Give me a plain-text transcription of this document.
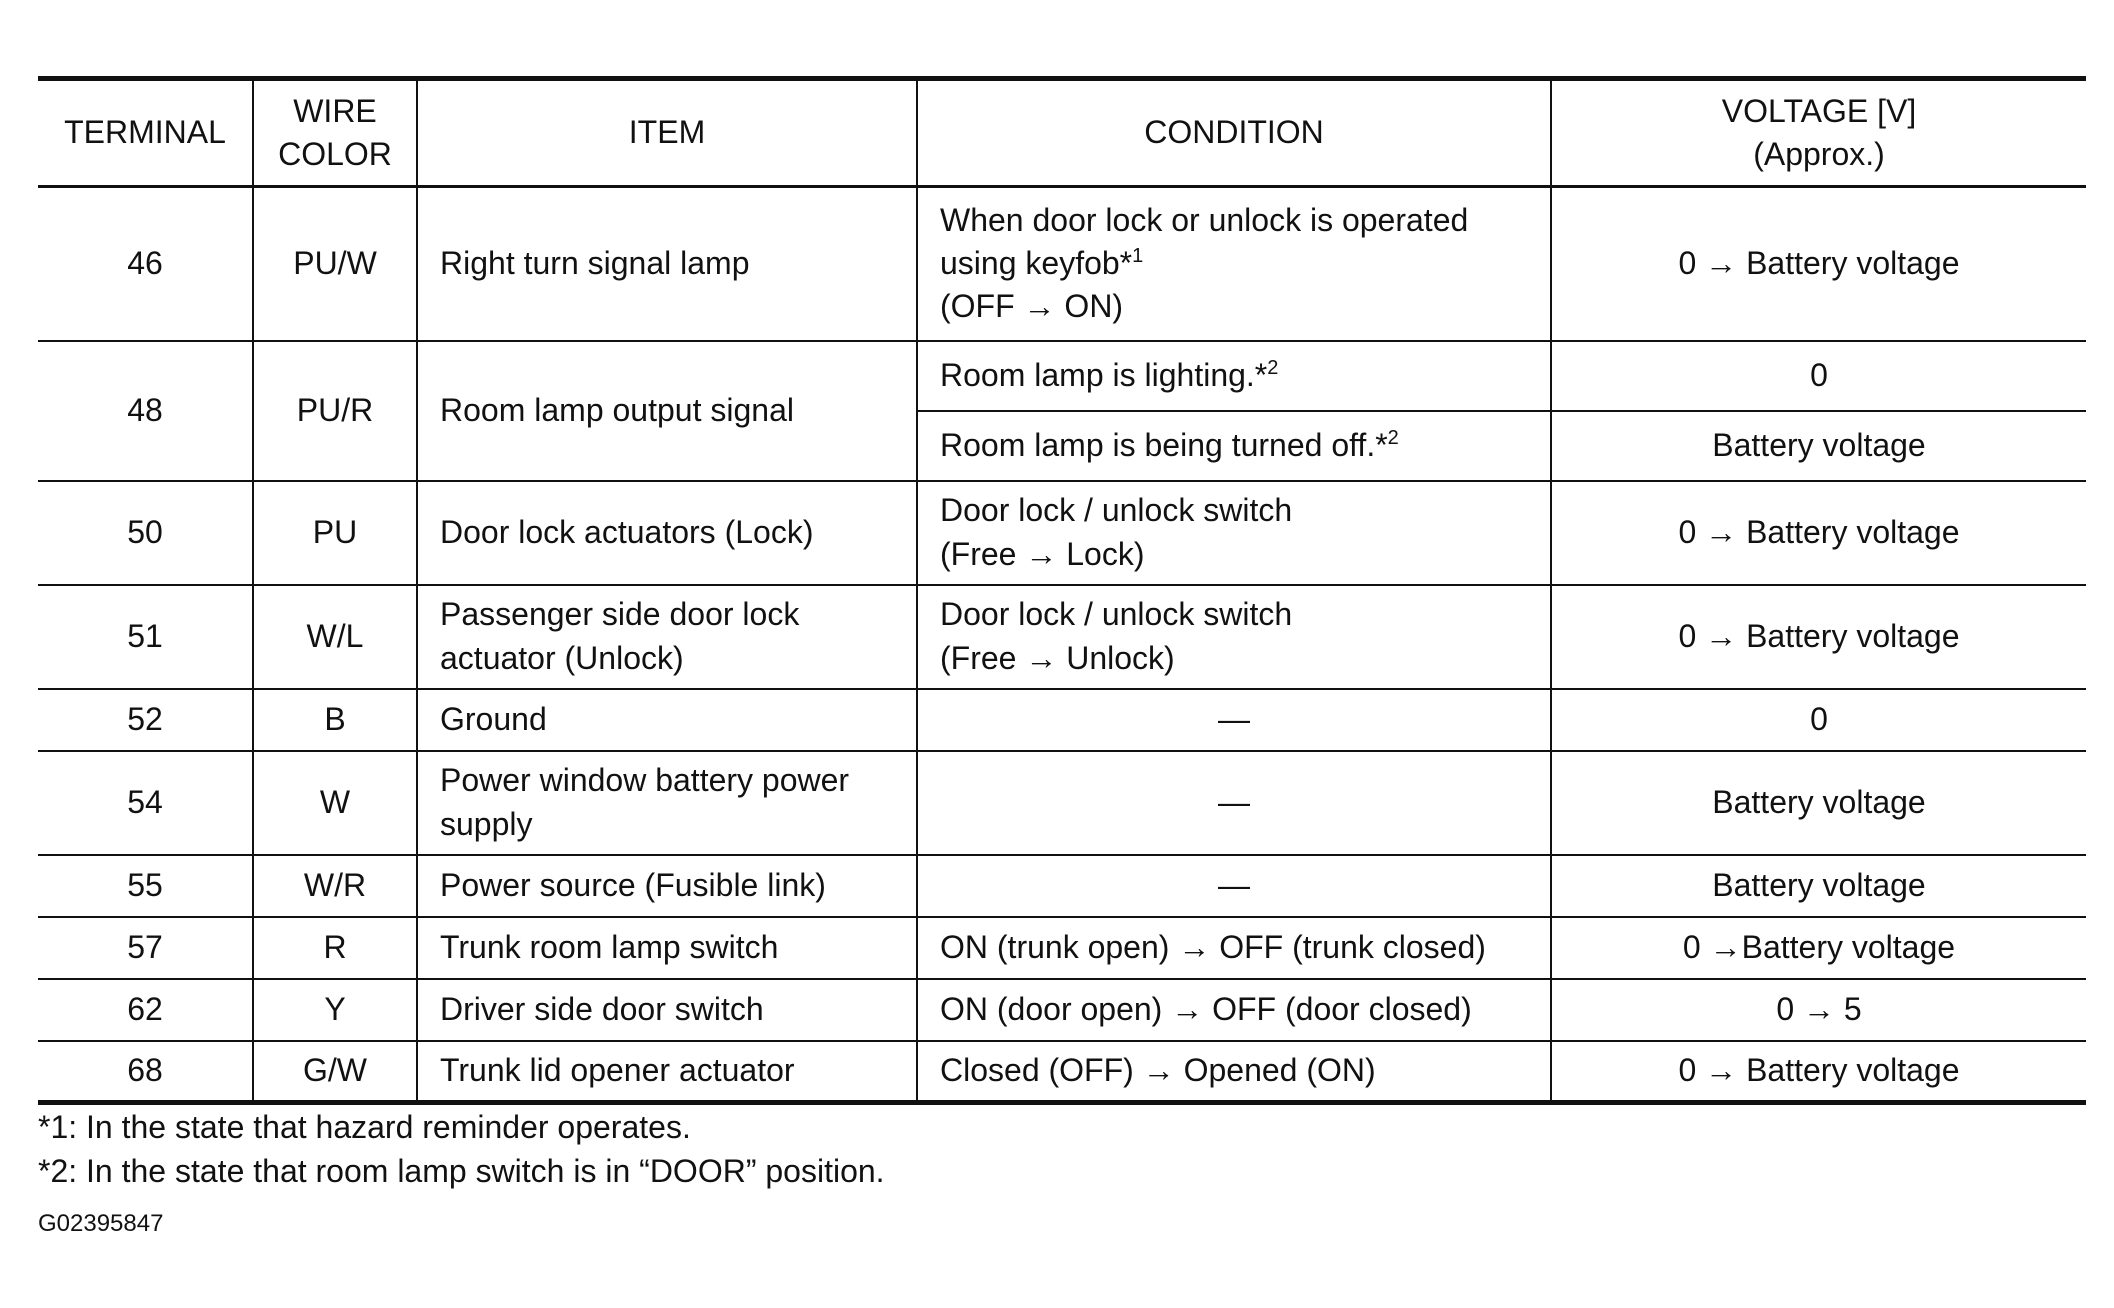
TERMINAL	WIRE
COLOR	ITEM	CONDITION	VOLTAGE [V]
(Approx.)
46	PU/W	Right turn signal lamp	When door lock or unlock is operated
using keyfob*$^1$
(OFF → ON)	0 → Battery voltage
48	PU/R	Room lamp output signal	Room lamp is lighting.*$^2$	0
			Room lamp is being turned off.*$^2$	Battery voltage
50	PU	Door lock actuators (Lock)	Door lock / unlock switch
(Free → Lock)	0 → Battery voltage
51	W/L	Passenger side door lock
actuator (Unlock)	Door lock / unlock switch
(Free → Unlock)	0 → Battery voltage
52	B	Ground	—	0
54	W	Power window battery power
supply	—	Battery voltage
55	W/R	Power source (Fusible link)	—	Battery voltage
57	R	Trunk room lamp switch	ON (trunk open) → OFF (trunk closed)	0 →Battery voltage
62	Y	Driver side door switch	ON (door open) → OFF (door closed)	0 → 5
68	G/W	Trunk lid opener actuator	Closed (OFF) → Opened (ON)	0 → Battery voltage
*1: In the state that hazard reminder operates.
*2: In the state that room lamp switch is in “DOOR” position.
G02395847
